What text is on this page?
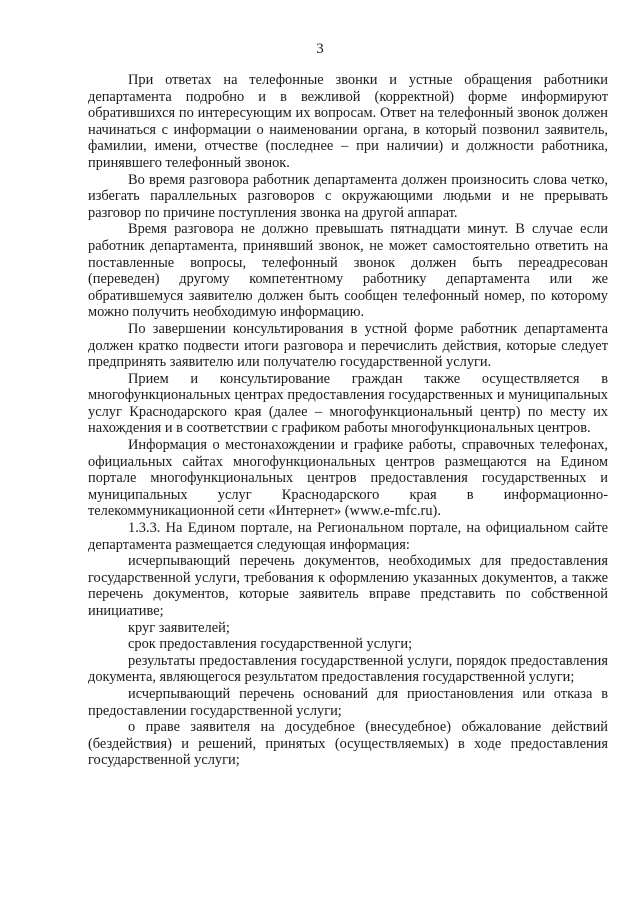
3

При ответах на телефонные звонки и устные обращения работники департамента подробно и в вежливой (корректной) форме информируют обратившихся по интересующим их вопросам. Ответ на телефонный звонок должен начинаться с информации о наименовании органа, в который позвонил заявитель, фамилии, имени, отчестве (последнее – при наличии) и должности работника, принявшего телефонный звонок.

Во время разговора работник департамента должен произносить слова четко, избегать параллельных разговоров с окружающими людьми и не прерывать разговор по причине поступления звонка на другой аппарат.

Время разговора не должно превышать пятнадцати минут. В случае если работник департамента, принявший звонок, не может самостоятельно ответить на поставленные вопросы, телефонный звонок должен быть переадресован (переведен) другому компетентному работнику департамента или же обратившемуся заявителю должен быть сообщен телефонный номер, по которому можно получить необходимую информацию.

По завершении консультирования в устной форме работник департамента должен кратко подвести итоги разговора и перечислить действия, которые следует предпринять заявителю или получателю государственной услуги.

Прием и консультирование граждан также осуществляется в многофункциональных центрах предоставления государственных и муниципальных услуг Краснодарского края (далее – многофункциональный центр) по месту их нахождения и в соответствии с графиком работы многофункциональных центров.

Информация о местонахождении и графике работы, справочных телефонах, официальных сайтах многофункциональных центров размещаются на Едином портале многофункциональных центров предоставления государственных и муниципальных услуг Краснодарского края в информационно-телекоммуникационной сети «Интернет» (www.e-mfc.ru).

1.3.3. На Едином портале, на Региональном портале, на официальном сайте департамента размещается следующая информация:

исчерпывающий перечень документов, необходимых для предоставления государственной услуги, требования к оформлению указанных документов, а также перечень документов, которые заявитель вправе представить по собственной инициативе;

круг заявителей;

срок предоставления государственной услуги;

результаты предоставления государственной услуги, порядок предоставления документа, являющегося результатом предоставления государственной услуги;

исчерпывающий перечень оснований для приостановления или отказа в предоставлении государственной услуги;

о праве заявителя на досудебное (внесудебное) обжалование действий (бездействия) и решений, принятых (осуществляемых) в ходе предоставления государственной услуги;
